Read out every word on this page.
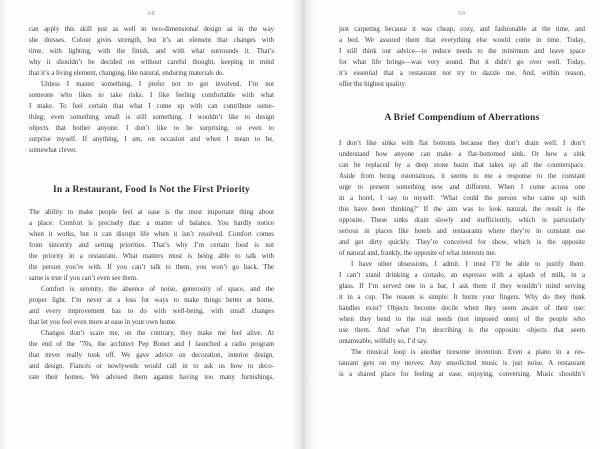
68
can apply this skill just as well in two-dimensional design as in the way
she dresses. Colour gives strength, but it’s an element that changes with
time, with lighting, with the finish, and with what surrounds it. That’s
why it shouldn’t be decided on without careful thought, keeping in mind
that it’s a living element, changing, like natural, enduring materials do.
Unless I master something, I prefer not to get involved. I’m not
someone who likes to take risks. I like feeling comfortable with what
I make. To feel certain that what I come up with can contribute some-
thing; even something small is still something. I wouldn’t like to design
objects that bother anyone. I don’t like to be surprising, or even to
surprise myself. If anything, I am, on occasion and when I mean to be,
somewhat clever.
In a Restaurant, Food Is Not the First Priority
The ability to make people feel at ease is the most important thing about
a place. Comfort is precisely that: a matter of balance. You hardly notice
when it works, but it can disrupt life when it isn’t resolved. Comfort comes
from sincerity and setting priorities. That’s why I’m certain food is not
the priority in a restaurant. What matters most is being able to talk with
the person you’re with. If you can’t talk to them, you won’t go back. The
same is true if you can’t even see them.
Comfort is serenity, the absence of noise, generosity of space, and the
proper light. I’m never at a loss for ways to make things better at home,
and every improvement has to do with well-being, with small changes
that let you feel even more at ease in your own home.
Changes don’t scare me, on the contrary, they make me feel alive. At
the end of the ’70s, the architect Pep Bonet and I launched a radio program
that never really took off. We gave advice on decoration, interior design,
and design. Fiancés or newlyweds would call in to ask us how to deco-
rate their homes. We advised them against having too many furnishings,
69
just carpeting because it was cheap, cozy, and fashionable at the time, and
a bed. We assured them that everything else would come in time. Today,
I still think our advice—to reduce needs to the minimum and leave space
for what life brings—was very sound. But it didn’t go over well. Today,
it’s essential that a restaurant not try to dazzle me. And, within reason,
offer the highest quality.
A Brief Compendium of Aberrations
I don’t like sinks with flat bottoms because they don’t drain well. I don’t
understand how anyone can make a flat-bottomed sink. Or how a sink
can be replaced by a deep stone basin that takes up all the counterspace.
Aside from being ostentatious, it seems to me a response to the constant
urge to present something new and different. When I come across one
in a hotel, I say to myself: ‘What could the person who came up with
this have been thinking?’ If the aim was to look natural, the result is the
opposite. These sinks drain slowly and inefficiently, which is particularly
serious in places like hotels and restaurants where they’re in constant use
and get dirty quickly. They’re conceived for show, which is the opposite
of natural and, frankly, the opposite of what interests me.
I have other obsessions, I admit. I trust I’ll be able to justify them.
I can’t stand drinking a cortado, an espresso with a splash of milk, in a
glass. If I’m served one in a bar, I ask them if they wouldn’t mind serving
it in a cup. The reason is simple: It burns your fingers. Why do they think
handles exist? Objects become docile when they seem aware of their use:
when they bend to the real needs (not imposed ones) of the people who
use them. And what I’m describing is the opposite: objects that seem
untameable, wilfully so, I’d say.
The musical loop is another tiresome invention. Even a piano in a res-
taurant gets on my nerves: Any unsolicited music is just noise. A restaurant
is a shared place for feeling at ease, enjoying, conversing. Music shouldn’t
